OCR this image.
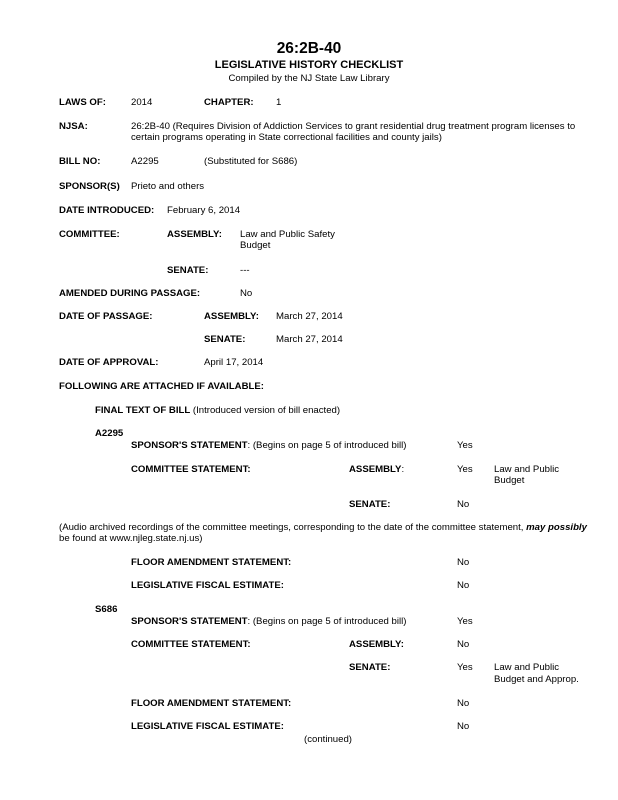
26:2B-40
LEGISLATIVE HISTORY CHECKLIST
Compiled by the NJ State Law Library
LAWS OF:	2014	CHAPTER: 1
NJSA:	26:2B-40 (Requires Division of Addiction Services to grant residential drug treatment program licenses to certain programs operating in State correctional facilities and county jails)
BILL NO:	A2295	(Substituted for S686)
SPONSOR(S) Prieto and others
DATE INTRODUCED: February 6, 2014
COMMITTEE:	ASSEMBLY: Law and Public Safety
Budget
SENATE:	---
AMENDED DURING PASSAGE:	No
DATE OF PASSAGE:	ASSEMBLY: March 27, 2014
SENATE:	March 27, 2014
DATE OF APPROVAL:	April 17, 2014
FOLLOWING ARE ATTACHED IF AVAILABLE:
FINAL TEXT OF BILL (Introduced version of bill enacted)
A2295
SPONSOR'S STATEMENT: (Begins on page 5 of introduced bill)	Yes
COMMITTEE STATEMENT:	ASSEMBLY:	Yes Law and Public
Budget
SENATE:	No
(Audio archived recordings of the committee meetings, corresponding to the date of the committee statement, may possibly
be found at www.njleg.state.nj.us)
FLOOR AMENDMENT STATEMENT:	No
LEGISLATIVE FISCAL ESTIMATE:	No
S686
SPONSOR'S STATEMENT: (Begins on page 5 of introduced bill)	Yes
COMMITTEE STATEMENT:	ASSEMBLY:	No
SENATE:	Yes Law and Public
Budget and Approp.
FLOOR AMENDMENT STATEMENT:	No
LEGISLATIVE FISCAL ESTIMATE:	No
(continued)
